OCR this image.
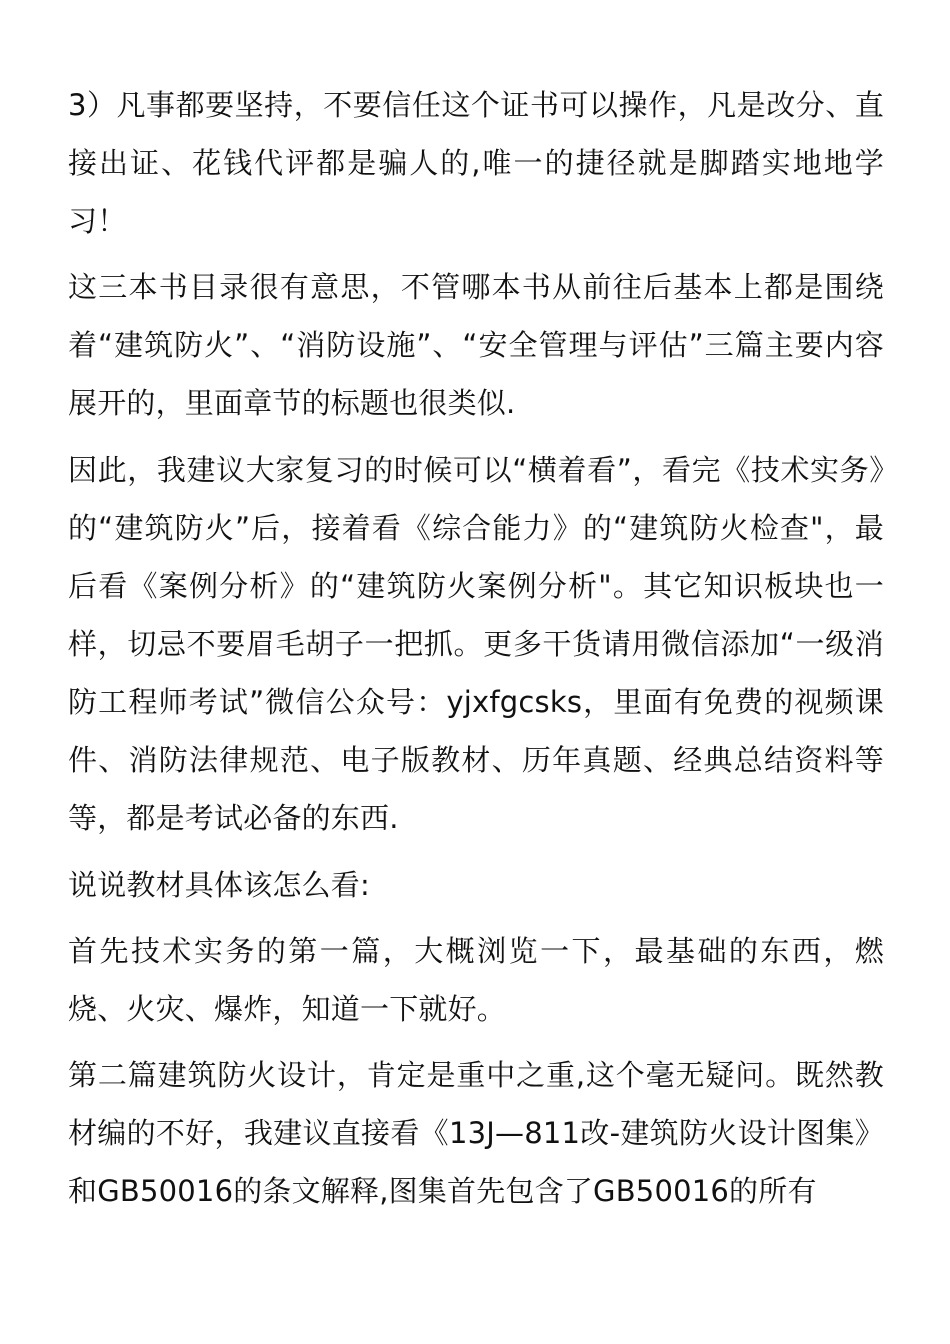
3）凡事都要坚持，不要信任这个证书可以操作，凡是改分、直接出证、花钱代评都是骗人的,唯一的捷径就是脚踏实地地学习！

这三本书目录很有意思，不管哪本书从前往后基本上都是围绕着“建筑防火”、“消防设施”、“安全管理与评估”三篇主要内容展开的，里面章节的标题也很类似.

因此，我建议大家复习的时候可以“横着看”，看完《技术实务》的“建筑防火”后，接着看《综合能力》的“建筑防火检查"，最后看《案例分析》的“建筑防火案例分析"。其它知识板块也一样，切忌不要眉毛胡子一把抓。更多干货请用微信添加“一级消防工程师考试”微信公众号：yjxfgcsks，里面有免费的视频课件、消防法律规范、电子版教材、历年真题、经典总结资料等等，都是考试必备的东西.

说说教材具体该怎么看:

首先技术实务的第一篇，大概浏览一下，最基础的东西，燃烧、火灾、爆炸，知道一下就好。

第二篇建筑防火设计，肯定是重中之重,这个毫无疑问。既然教材编的不好，我建议直接看《13J—811改-建筑防火设计图集》和GB50016的条文解释,图集首先包含了GB50016的所有
